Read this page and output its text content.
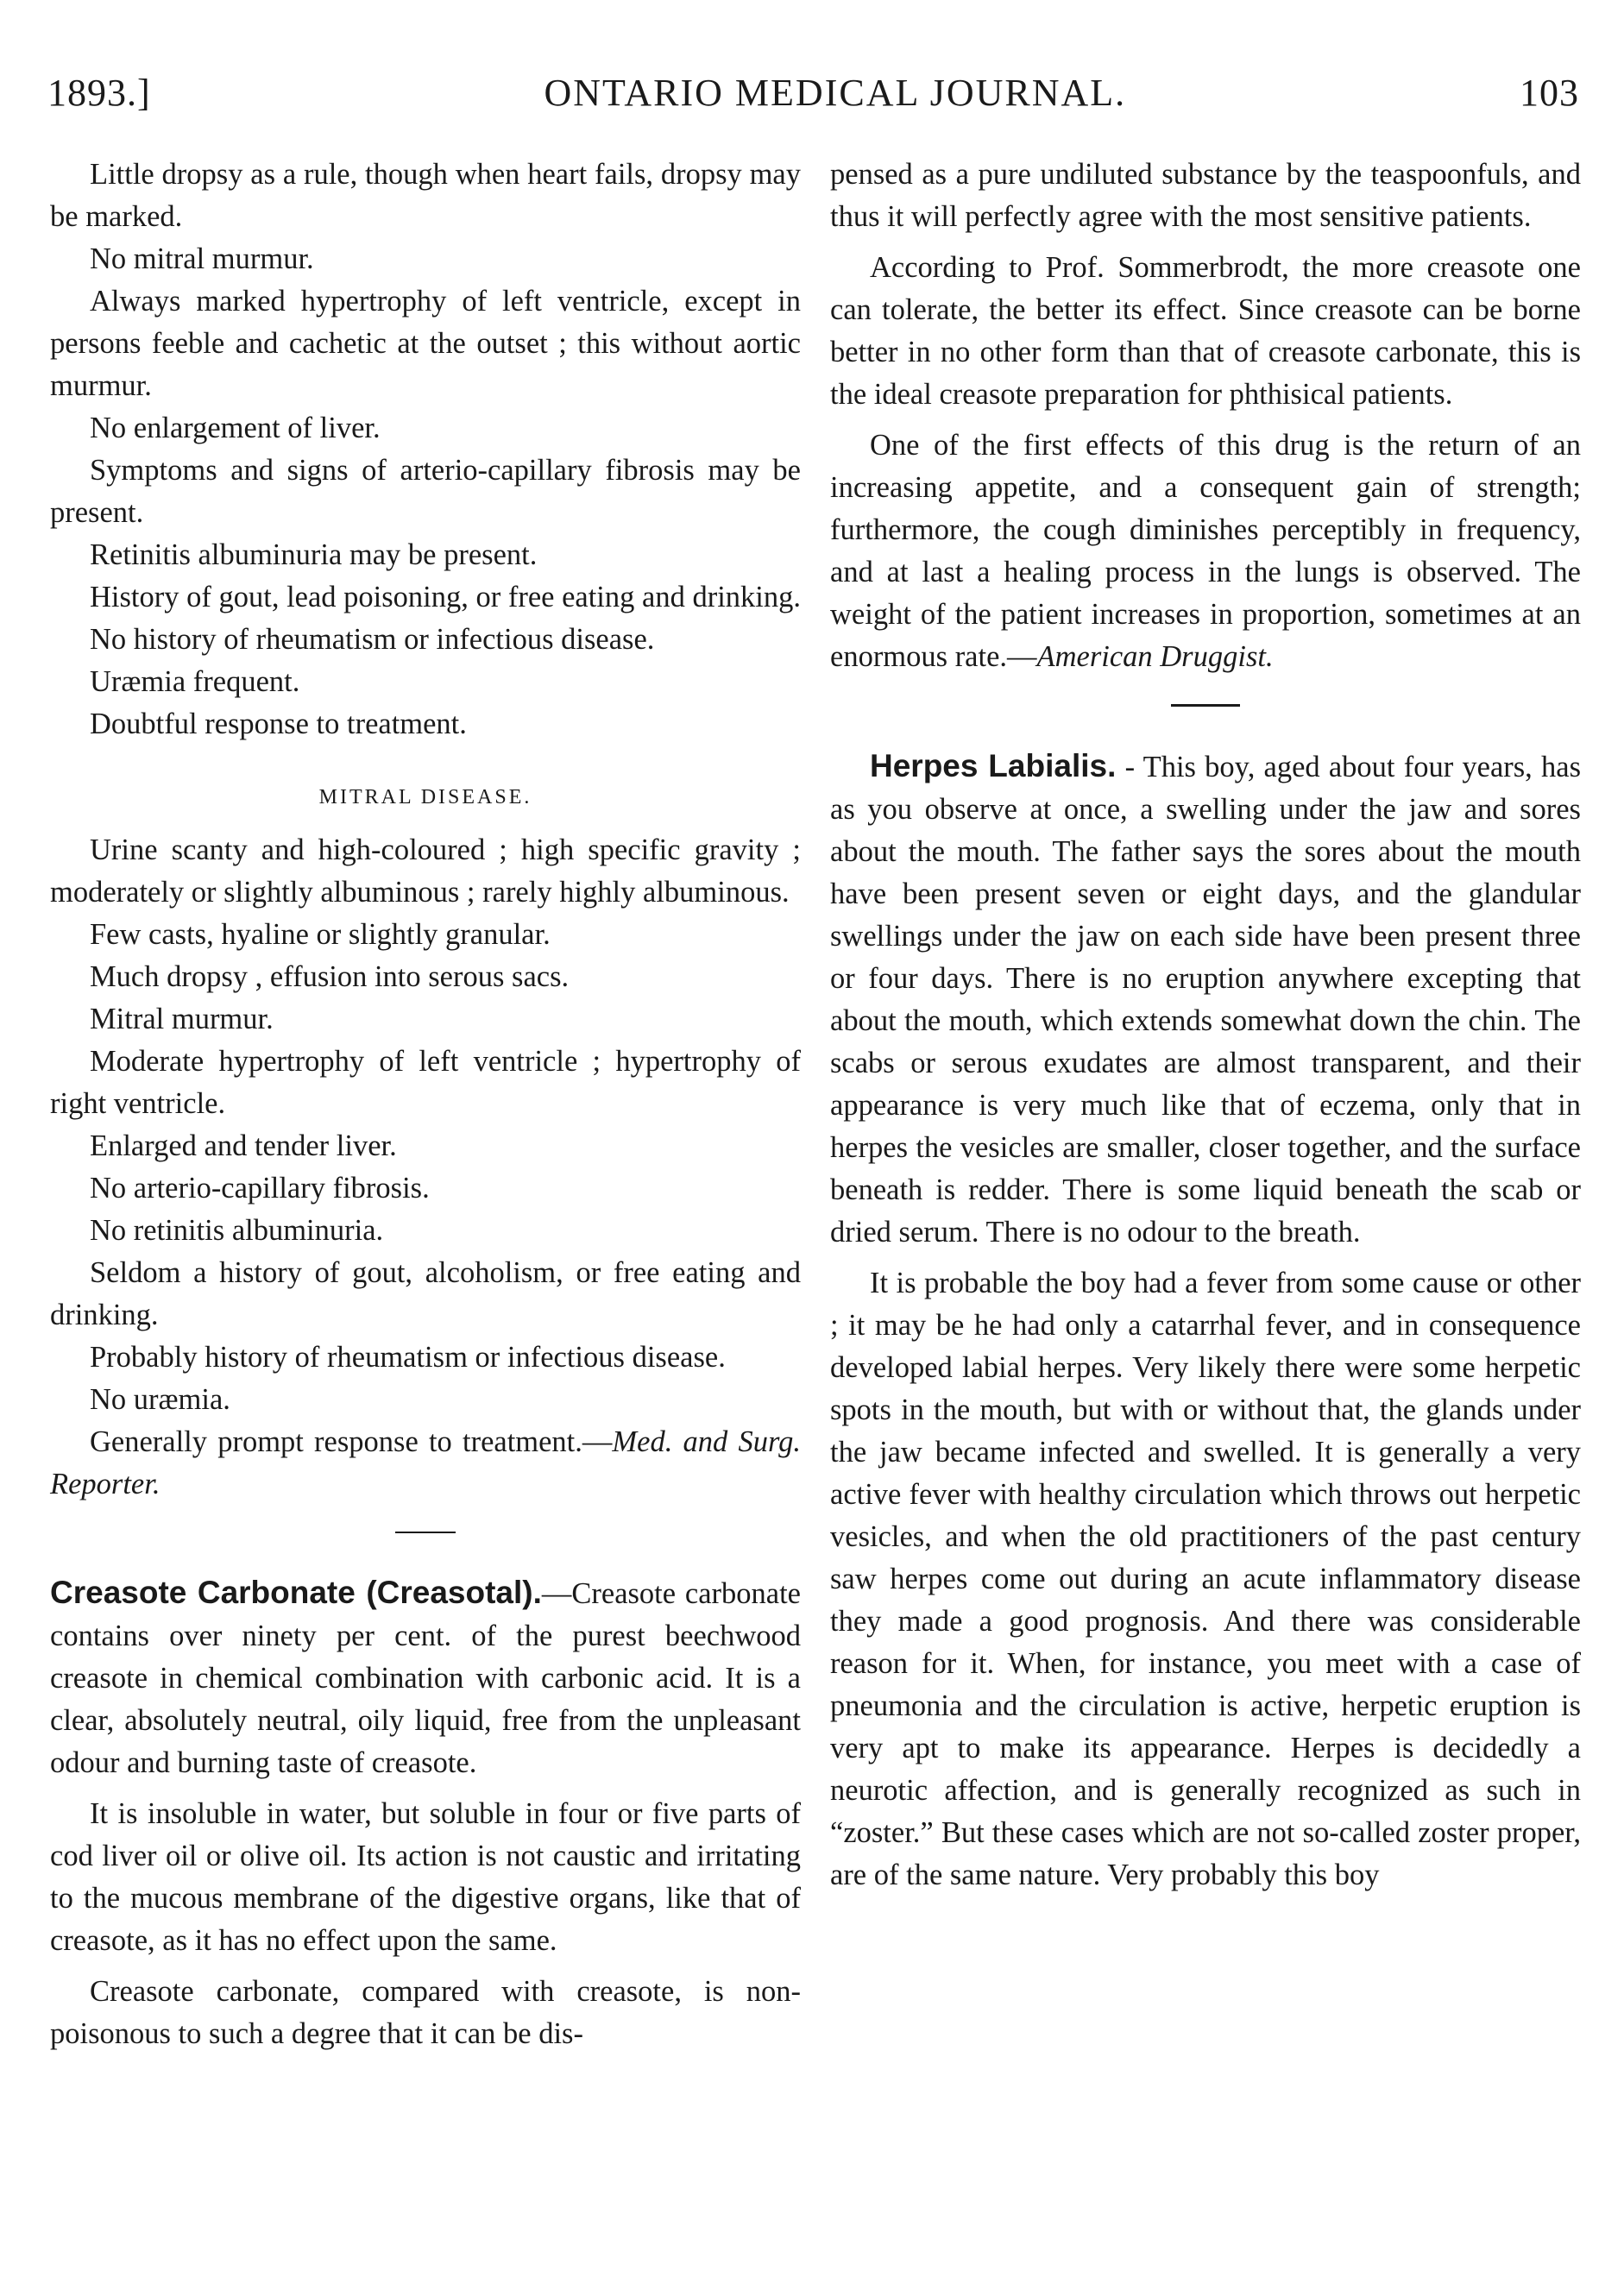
1893.]	ONTARIO MEDICAL JOURNAL.	103

Little dropsy as a rule, though when heart fails, dropsy may be marked.

No mitral murmur.

Always marked hypertrophy of left ventricle, except in persons feeble and cachetic at the outset ; this without aortic murmur.

No enlargement of liver.

Symptoms and signs of arterio-capillary fibrosis may be present.

Retinitis albuminuria may be present.

History of gout, lead poisoning, or free eating and drinking.

No history of rheumatism or infectious disease.

Uræmia frequent.

Doubtful response to treatment.

MITRAL DISEASE.

Urine scanty and high-coloured ; high specific gravity ; moderately or slightly albuminous ; rarely highly albuminous.

Few casts, hyaline or slightly granular.

Much dropsy , effusion into serous sacs.

Mitral murmur.

Moderate hypertrophy of left ventricle ; hypertrophy of right ventricle.

Enlarged and tender liver.

No arterio-capillary fibrosis.

No retinitis albuminuria.

Seldom a history of gout, alcoholism, or free eating and drinking.

Probably history of rheumatism or infectious disease.

No uræmia.

Generally prompt response to treatment.—Med. and Surg. Reporter.

Creasote Carbonate (Creasotal).—Creasote carbonate contains over ninety per cent. of the purest beechwood creasote in chemical combination with carbonic acid. It is a clear, absolutely neutral, oily liquid, free from the unpleasant odour and burning taste of creasote.

It is insoluble in water, but soluble in four or five parts of cod liver oil or olive oil. Its action is not caustic and irritating to the mucous membrane of the digestive organs, like that of creasote, as it has no effect upon the same.

Creasote carbonate, compared with creasote, is non-poisonous to such a degree that it can be dis-

pensed as a pure undiluted substance by the teaspoonfuls, and thus it will perfectly agree with the most sensitive patients.

According to Prof. Sommerbrodt, the more creasote one can tolerate, the better its effect. Since creasote can be borne better in no other form than that of creasote carbonate, this is the ideal creasote preparation for phthisical patients.

One of the first effects of this drug is the return of an increasing appetite, and a consequent gain of strength; furthermore, the cough diminishes perceptibly in frequency, and at last a healing process in the lungs is observed. The weight of the patient increases in proportion, sometimes at an enormous rate.—American Druggist.

Herpes Labialis. - This boy, aged about four years, has as you observe at once, a swelling under the jaw and sores about the mouth. The father says the sores about the mouth have been present seven or eight days, and the glandular swellings under the jaw on each side have been present three or four days. There is no eruption anywhere excepting that about the mouth, which extends somewhat down the chin. The scabs or serous exudates are almost transparent, and their appearance is very much like that of eczema, only that in herpes the vesicles are smaller, closer together, and the surface beneath is redder. There is some liquid beneath the scab or dried serum. There is no odour to the breath.

It is probable the boy had a fever from some cause or other ; it may be he had only a catarrhal fever, and in consequence developed labial herpes. Very likely there were some herpetic spots in the mouth, but with or without that, the glands under the jaw became infected and swelled. It is generally a very active fever with healthy circulation which throws out herpetic vesicles, and when the old practitioners of the past century saw herpes come out during an acute inflammatory disease they made a good prognosis. And there was considerable reason for it. When, for instance, you meet with a case of pneumonia and the circulation is active, herpetic eruption is very apt to make its appearance. Herpes is decidedly a neurotic affection, and is generally recognized as such in “zoster.” But these cases which are not so-called zoster proper, are of the same nature. Very probably this boy
